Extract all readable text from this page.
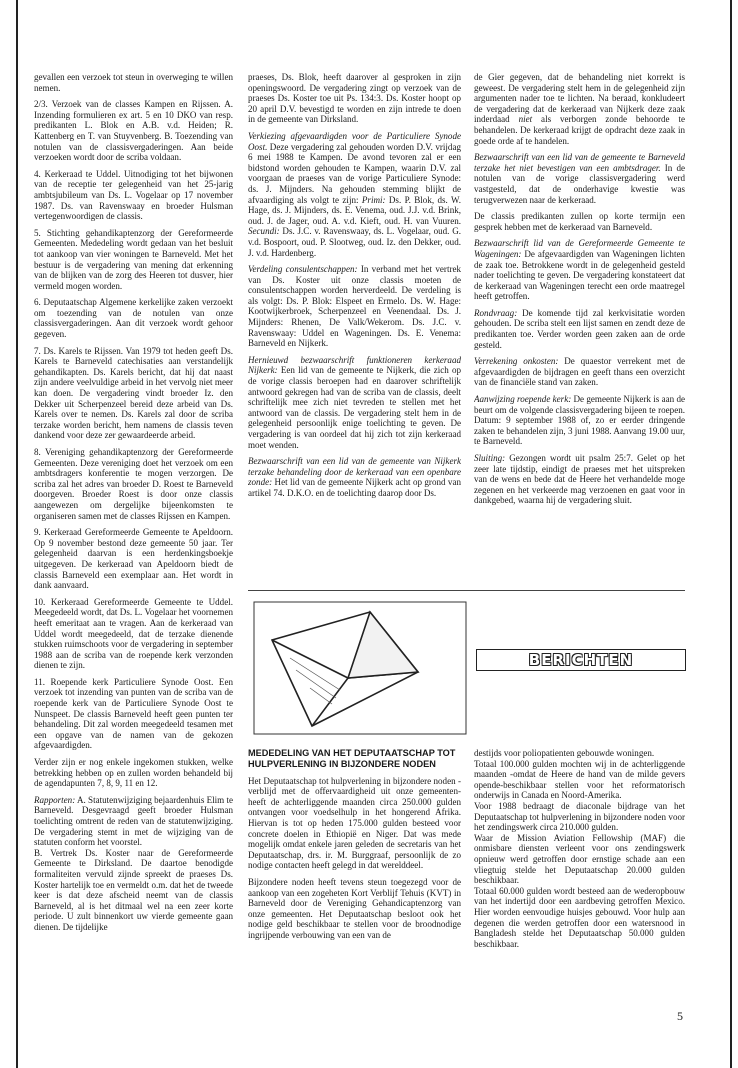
gevallen een verzoek tot steun in overweging te willen nemen.

2/3. Verzoek van de classes Kampen en Rijssen. A. Inzending formulieren ex art. 5 en 10 DKO van resp. predikanten L. Blok en A.B. v.d. Heiden; R. Kattenberg en T. van Stuyvenberg. B. Toezending van notulen van de classisvergaderingen. Aan beide verzoeken wordt door de scriba voldaan.

4. Kerkeraad te Uddel. Uitnodiging tot het bijwonen van de receptie ter gelegenheid van het 25-jarig ambtsjubileum van Ds. L. Vogelaar op 17 november 1987. Ds. van Ravenswaay en broeder Hulsman vertegenwoordigen de classis.

5. Stichting gehandikaptenzorg der Gereformeerde Gemeenten. Mededeling wordt gedaan van het besluit tot aankoop van vier woningen te Barneveld. Met het bestuur is de vergadering van mening dat erkenning van de blijken van de zorg des Heeren tot dusver, hier vermeld mogen worden.

6. Deputaatschap Algemene kerkelijke zaken verzoekt om toezending van de notulen van onze classisvergaderingen. Aan dit verzoek wordt gehoor gegeven.

7. Ds. Karels te Rijssen. Van 1979 tot heden geeft Ds. Karels te Barneveld catechisaties aan verstandelijk gehandikapten. Ds. Karels bericht, dat hij dat naast zijn andere veelvuldige arbeid in het vervolg niet meer kan doen. De vergadering vindt broeder Iz. den Dekker uit Scherpenzeel bereid deze arbeid van Ds. Karels over te nemen. Ds. Karels zal door de scriba terzake worden bericht, hem namens de classis teven dankend voor deze zer gewaardeerde arbeid.

8. Vereniging gehandikaptenzorg der Gereformeerde Gemeenten. Deze vereniging doet het verzoek om een ambtsdragers konferentie te mogen verzorgen. De scriba zal het adres van broeder D. Roest te Barneveld doorgeven. Broeder Roest is door onze classis aangewezen om dergelijke bijeenkomsten te organiseren samen met de classes Rijssen en Kampen.

9. Kerkeraad Gereformeerde Gemeente te Apeldoorn. Op 9 november bestond deze gemeente 50 jaar. Ter gelegenheid daarvan is een herdenkingsboekje uitgegeven. De kerkeraad van Apeldoorn biedt de classis Barneveld een exemplaar aan. Het wordt in dank aanvaard.

10. Kerkeraad Gereformeerde Gemeente te Uddel. Meegedeeld wordt, dat Ds. L. Vogelaar het voornemen heeft emeritaat aan te vragen. Aan de kerkeraad van Uddel wordt meegedeeld, dat de terzake dienende stukken ruimschoots voor de vergadering in september 1988 aan de scriba van de roepende kerk verzonden dienen te zijn.

11. Roepende kerk Particuliere Synode Oost. Een verzoek tot inzending van punten van de scriba van de roepende kerk van de Particuliere Synode Oost te Nunspeet. De classis Barneveld heeft geen punten ter behandeling. Dit zal worden meegedeeld tesamen met een opgave van de namen van de gekozen afgevaardigden.

Verder zijn er nog enkele ingekomen stukken, welke betrekking hebben op en zullen worden behandeld bij de agendapunten 7, 8, 9, 11 en 12.

Rapporten: A. Statutenwijziging bejaardenhuis Elim te Barneveld. Desgevraagd geeft broeder Hulsman toelichting omtrent de reden van de statutenwijziging. De vergadering stemt in met de wijziging van de statuten conform het voorstel.

B. Vertrek Ds. Koster naar de Gereformeerde Gemeente te Dirksland. De daartoe benodigde formaliteiten vervuld zijnde spreekt de praeses Ds. Koster hartelijk toe en vermeldt o.m. dat het de tweede keer is dat deze afscheid neemt van de classis Barneveld, al is het ditmaal wel na een zeer korte periode. U zult binnenkort uw vierde gemeente gaan dienen. De tijdelijke

praeses, Ds. Blok, heeft daarover al gesproken in zijn openingswoord. De vergadering zingt op verzoek van de praeses Ds. Koster toe uit Ps. 134:3. Ds. Koster hoopt op 20 april D.V. bevestigd te worden en zijn intrede te doen in de gemeente van Dirksland.

Verkiezing afgevaardigden voor de Particuliere Synode Oost. Deze vergadering zal gehouden worden D.V. vrijdag 6 mei 1988 te Kampen. De avond tevoren zal er een bidstond worden gehouden te Kampen, waarin D.V. zal voorgaan de praeses van de vorige Particuliere Synode: ds. J. Mijnders. Na gehouden stemming blijkt de afvaardiging als volgt te zijn: Primi: Ds. P. Blok, ds. W. Hage, ds. J. Mijnders, ds. E. Venema, oud. J.J. v.d. Brink, oud. J. de Jager, oud. A. v.d. Kieft, oud. H. van Vuuren. Secundi: Ds. J.C. v. Ravenswaay, ds. L. Vogelaar, oud. G. v.d. Bospoort, oud. P. Slootweg, oud. Iz. den Dekker, oud. J. v.d. Hardenberg.

Verdeling consulentschappen: In verband met het vertrek van Ds. Koster uit onze classis moeten de consulentschappen worden herverdeeld. De verdeling is als volgt: Ds. P. Blok: Elspeet en Ermelo. Ds. W. Hage: Kootwijkerbroek, Scherpenzeel en Veenendaal. Ds. J. Mijnders: Rhenen, De Valk/Wekerom. Ds. J.C. v. Ravenswaay: Uddel en Wageningen. Ds. E. Venema: Barneveld en Nijkerk.

Hernieuwd bezwaarschrift funktioneren kerkeraad Nijkerk: Een lid van de gemeente te Nijkerk, die zich op de vorige classis beroepen had en daarover schriftelijk antwoord gekregen had van de scriba van de classis, deelt schriftelijk mee zich niet tevreden te stellen met het antwoord van de classis. De vergadering stelt hem in de gelegenheid persoonlijk enige toelichting te geven. De vergadering is van oordeel dat hij zich tot zijn kerkeraad moet wenden.

Bezwaarschrift van een lid van de gemeente van Nijkerk terzake behandeling door de kerkeraad van een openbare zonde: Het lid van de gemeente Nijkerk acht op grond van artikel 74. D.K.O. en de toelichting daarop door Ds.

de Gier gegeven, dat de behandeling niet korrekt is geweest. De vergadering stelt hem in de gelegenheid zijn argumenten nader toe te lichten. Na beraad, konkludeert de vergadering dat de kerkeraad van Nijkerk deze zaak inderdaad niet als verborgen zonde behoorde te behandelen. De kerkeraad krijgt de opdracht deze zaak in goede orde af te handelen.

Bezwaarschrift van een lid van de gemeente te Barneveld terzake het niet bevestigen van een ambtsdrager. In de notulen van de vorige classisvergadering werd vastgesteld, dat de onderhavige kwestie was terugverwezen naar de kerkeraad.

De classis predikanten zullen op korte termijn een gesprek hebben met de kerkeraad van Barneveld.

Bezwaarschrift lid van de Gereformeerde Gemeente te Wageningen: De afgevaardigden van Wageningen lichten de zaak toe. Betrokkene wordt in de gelegenheid gesteld nader toelichting te geven. De vergadering konstateert dat de kerkeraad van Wageningen terecht een orde maatregel heeft getroffen.

Rondvraag: De komende tijd zal kerkvisitatie worden gehouden. De scriba stelt een lijst samen en zendt deze de predikanten toe. Verder worden geen zaken aan de orde gesteld.

Verrekening onkosten: De quaestor verrekent met de afgevaardigden de bijdragen en geeft thans een overzicht van de financiële stand van zaken.

Aanwijzing roepende kerk: De gemeente Nijkerk is aan de beurt om de volgende classisvergadering bijeen te roepen. Datum: 9 september 1988 of, zo er eerder dringende zaken te behandelen zijn, 3 juni 1988. Aanvang 19.00 uur, te Barneveld.

Sluiting: Gezongen wordt uit psalm 25:7. Gelet op het zeer late tijdstip, eindigt de praeses met het uitspreken van de wens en bede dat de Heere het verhandelde moge zegenen en het verkeerde mag verzoenen en gaat voor in dankgebed, waarna hij de vergadering sluit.

BERICHTEN

MEDEDELING VAN HET DEPUTAATSCHAP TOT HULPVERLENING IN BIJZONDERE NODEN

Het Deputaatschap tot hulpverlening in bijzondere noden -verblijd met de offervaardigheid uit onze gemeenten- heeft de achterliggende maanden circa 250.000 gulden ontvangen voor voedselhulp in het hongerend Afrika. Hiervan is tot op heden 175.000 gulden besteed voor concrete doelen in Ethiopië en Niger. Dat was mede mogelijk omdat enkele jaren geleden de secretaris van het Deputaatschap, drs. ir. M. Burggraaf, persoonlijk de zo nodige contacten heeft gelegd in dat werelddeel.

Bijzondere noden heeft tevens steun toegezegd voor de aankoop van een zogeheten Kort Verblijf Tehuis (KVT) in Barneveld door de Vereniging Gehandicaptenzorg van onze gemeenten. Het Deputaatschap besloot ook het nodige geld beschikbaar te stellen voor de broodnodige ingrijpende verbouwing van een van de

destijds voor poliopatienten gebouwde woningen.

Totaal 100.000 gulden mochten wij in de achterliggende maanden -omdat de Heere de hand van de milde gevers opende-beschikbaar stellen voor het reformatorisch onderwijs in Canada en Noord-Amerika.

Voor 1988 bedraagt de diaconale bijdrage van het Deputaatschap tot hulpverlening in bijzondere noden voor het zendingswerk circa 210.000 gulden.

Waar de Mission Aviation Fellowship (MAF) die onmisbare diensten verleent voor ons zendingswerk opnieuw werd getroffen door ernstige schade aan een vliegtuig stelde het Deputaatschap 20.000 gulden beschikbaar.

Totaal 60.000 gulden wordt besteed aan de wederopbouw van het indertijd door een aardbeving getroffen Mexico. Hier worden eenvoudige huisjes gebouwd. Voor hulp aan degenen die werden getroffen door een watersnood in Bangladesh stelde het Deputaatschap 50.000 gulden beschikbaar.

5
